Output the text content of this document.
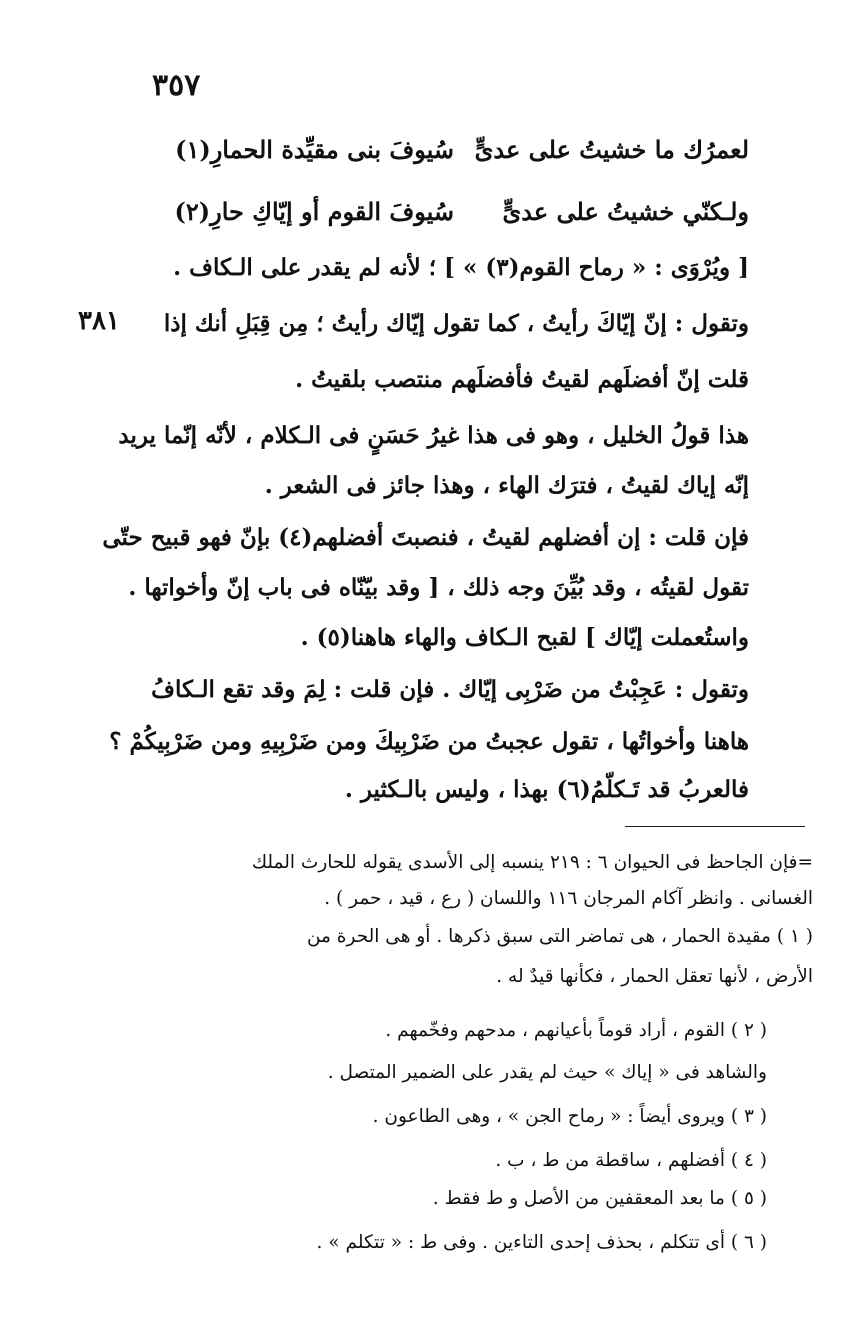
٣٥٧
لعمرُك ما خشيتُ على عدىٍّسُيوفَ بنى مقيِّدة الحمارِ(١)
ولـكنّي خشيتُ على عدىٍّسُيوفَ القوم أو إيّاكِ حارِ(٢)
[ ويُرْوَى : « رماح القوم(٣) » ] ؛ لأنه لم يقدر على الـكاف .
٣٨١	وتقول : إنّ إيّاكَ رأيتُ ، كما تقول إيّاك رأيتُ ؛ مِن قِبَلِ أنك إذا
قلت إنّ أفضلَهم لقيتُ فأفضلَهم منتصب بلقيتُ .
هذا قولُ الخليل ، وهو فى هذا غيرُ حَسَنٍ فى الـكلام ، لأنّه إنّما يريد
إنّه إياك لقيتُ ، فترَك الهاء ، وهذا جائز فى الشعر .
فإن قلت : إن أفضلهم لقيتُ ، فنصبتَ أفضلهم(٤) بإنّ فهو قبيح حتّى
تقول لقيتُه ، وقد بُيِّنَ وجه ذلك ، [ وقد بيّنّاه فى باب إنّ وأخواتها .
واستُعملت إيّاك ] لقبح الـكاف والهاء هاهنا(٥) .
وتقول : عَجِبْتُ من ضَرْبِى إيّاك . فإن قلت : لِمَ وقد تقع الـكافُ
هاهنا وأخواتُها ، تقول عجبتُ من ضَرْبِيكَ ومن ضَرْبِيهِ ومن ضَرْبِيكُمْ ؟
فالعربُ قد تَـكلّمُ(٦) بهذا ، وليس بالـكثير .
=فإن الجاحظ فى الحيوان ٦ : ٢١٩ ينسبه إلى الأسدى يقوله للحارث الملك
الغسانى . وانظر آكام المرجان ١١٦ واللسان ( رع ، قيد ، حمر ) .
( ١ ) مقيدة الحمار ، هى تماضر التى سبق ذكرها . أو هى الحرة من
الأرض ، لأنها تعقل الحمار ، فكأنها قيدٌ له .
( ٢ ) القوم ، أراد قوماً بأعيانهم ، مدحهم وفخّمهم .
والشاهد فى « إياك » حيث لم يقدر على الضمير المتصل .
( ٣ ) ويروى أيضاً : « رماح الجن » ، وهى الطاعون .
( ٤ ) أفضلهم ، ساقطة من ط ، ب .
( ٥ ) ما بعد المعقفين من الأصل و ط فقط .
( ٦ ) أى تتكلم ، بحذف إحدى التاءين . وفى ط : « تتكلم » .
